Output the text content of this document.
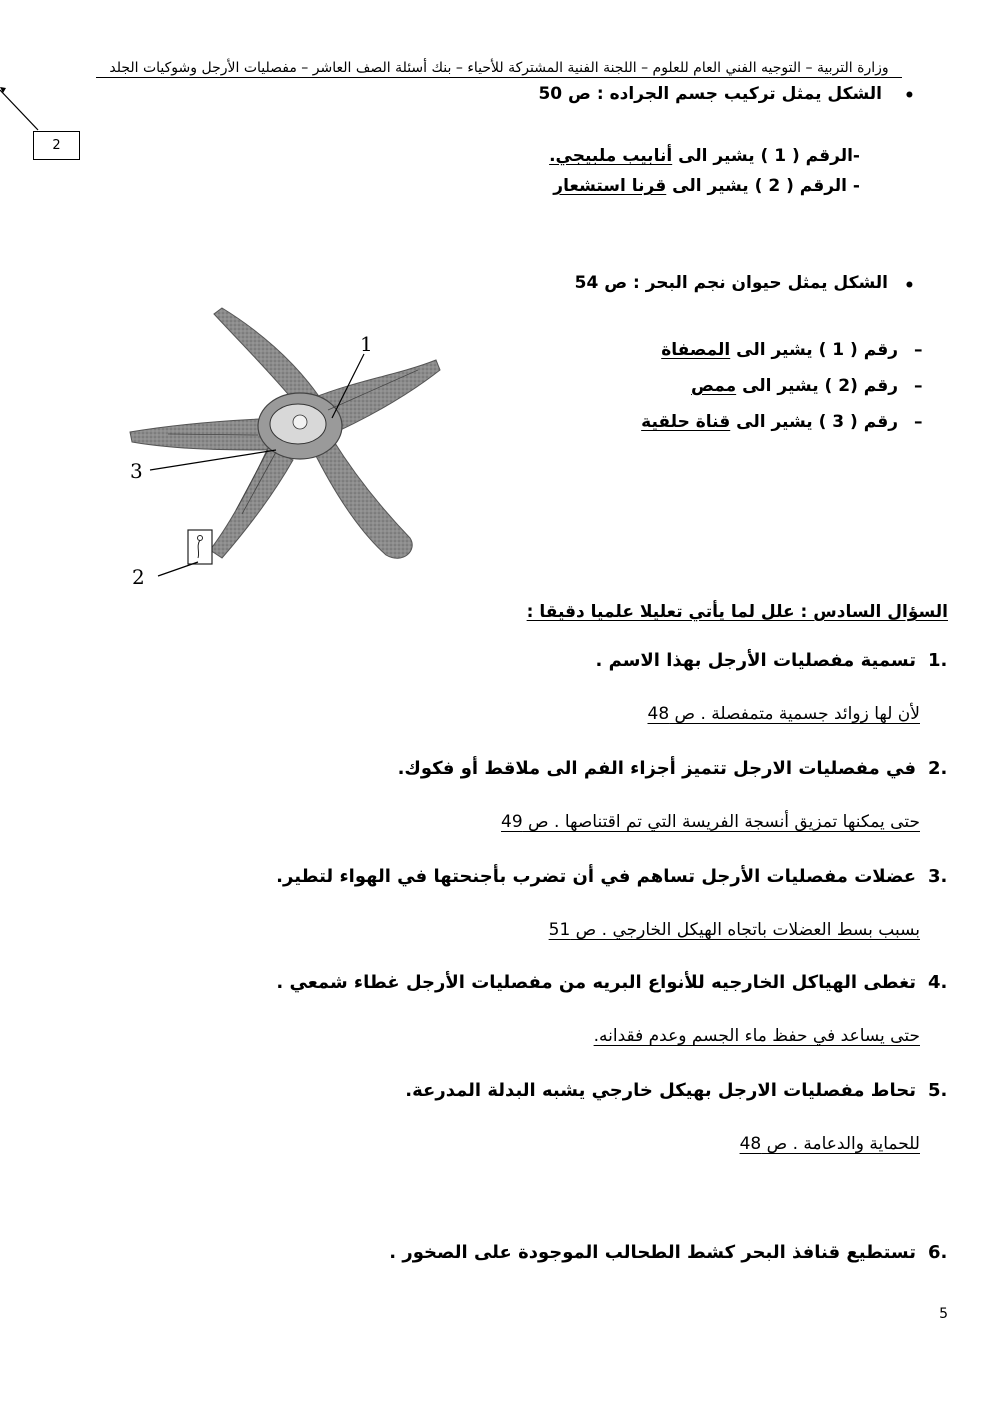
وزارة التربية – التوجيه الفني العام للعلوم – اللجنة الفنية المشتركة للأحياء – بنك أسئلة الصف العاشر – مفصليات الأرجل وشوكيات الجلد
2
•
الشكل يمثل تركيب جسم الجراده : ص 50
-الرقم ( 1 ) يشير الى أنابيب ملبيجي.
- الرقم ( 2 ) يشير الى قرنا استشعار
•
الشكل يمثل حيوان نجم البحر : ص 54
–
رقم ( 1 ) يشير الى المصفاة
–
رقم (2 ) يشير الى ممص
–
رقم ( 3 ) يشير الى قناة حلقية
1
3
2
السؤال السادس : علل لما يأتي تعليلا علميا دقيقا :
1.
تسمية مفصليات الأرجل بهذا الاسم .
لأن لها زوائد جسمية متمفصلة . ص 48
2.
في مفصليات الارجل تتميز أجزاء الفم الى ملاقط أو فكوك.
حتى يمكنها تمزيق أنسجة الفريسة التي تم اقتناصها . ص 49
3.
عضلات مفصليات الأرجل تساهم في أن تضرب بأجنحتها في الهواء لتطير.
بسبب بسط العضلات باتجاه الهيكل الخارجي . ص 51
4.
تغطى الهياكل الخارجيه للأنواع البريه من مفصليات الأرجل غطاء شمعي .
حتى يساعد في حفظ ماء الجسم وعدم فقدانه.
5.
تحاط مفصليات الارجل بهيكل خارجي يشبه البدلة المدرعة.
للحماية والدعامة . ص 48
6.
تستطيع قنافذ البحر كشط الطحالب الموجودة على الصخور .
5
